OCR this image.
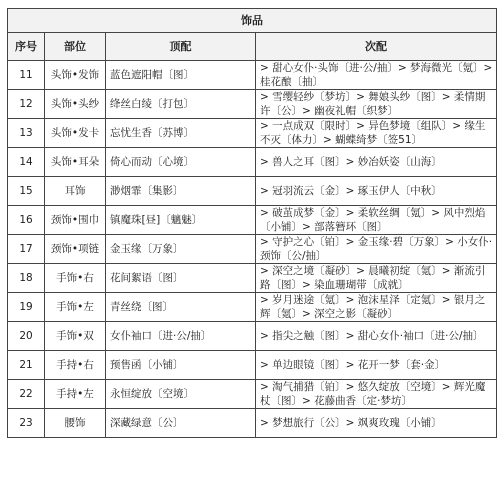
饰品			
序号	部位	顶配	次配
11	头饰•发饰	蓝色遮阳帽〔图〕	> 甜心女仆·头饰〔进·公/抽〕> 梦海微光〔氪〕> 桂花酿〔抽〕
12	头饰•头纱	绛丝白绫〔打包〕	> 雪缨轻纱〔梦坊〕> 舞娘头纱〔图〕> 柔情期许〔公〕> 幽夜礼帽〔织梦〕
13	头饰•发卡	忘忧生香〔苏博〕	> 一点成双〔限时〕> 异色梦境〔组队〕> 缘生不灭〔体力〕> 蝴蝶绮梦〔签51〕
14	头饰•耳朵	倚心而动〔心境〕	> 兽人之耳〔图〕> 妙冶妖姿〔山海〕
15	耳饰	渺烟霏〔集影〕	> 冠羽流云〔金〕> 琢玉伊人〔中秋〕
16	颈饰•围巾	镇魔珠[昼]〔魑魅〕	> 破茧成梦〔金〕> 柔软丝绸〔氪〕> 风中烈焰〔小铺〕> 部落簪环〔图〕
17	颈饰•项链	金玉缘〔万象〕	> 守护之心〔铂〕> 金玉缘·碧〔万象〕> 小女仆·颈饰〔公/抽〕
18	手饰•右	花间絮语〔图〕	> 深空之境〔凝砂〕> 晨曦初绽〔氪〕> 渐流引路〔图〕> 染血珊瑚带〔成就〕
19	手饰•左	青丝绕〔图〕	> 岁月迷途〔氪〕> 泡沫星泽〔定氪〕> 银月之辉〔氪〕> 深空之影〔凝砂〕
20	手饰•双	女仆袖口〔进·公/抽〕	> 指尖之触〔图〕> 甜心女仆·袖口〔进·公/抽〕
21	手持•右	预售函〔小铺〕	> 单边眼镜〔图〕> 花开一梦〔套·金〕
22	手持•左	永恒绽放〔空境〕	> 淘气捕猎〔铂〕> 悠久绽放〔空境〕> 辉光魔杖〔图〕> 花藤曲香〔定·梦坊〕
23	腰饰	深藏绿意〔公〕	> 梦想旅行〔公〕> 飒爽玫瑰〔小铺〕
